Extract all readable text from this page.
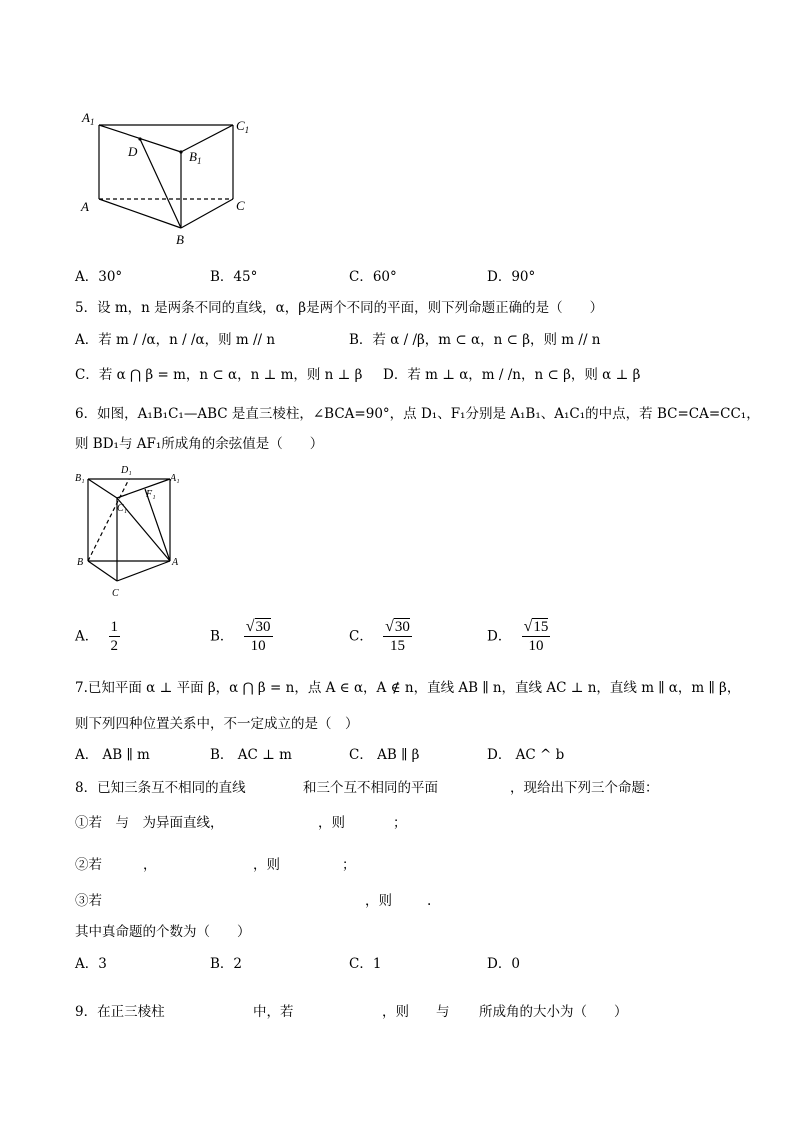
$A_1$	$C_1$
D	$B_1$
A	C
B
A．30°	B．45°	C．60°	D．90°
5．设 m，n 是两条不同的直线，α，β是两个不同的平面，则下列命题正确的是（　　）
A．若 m / /α，n / /α，则 m // n	B．若 α / /β，m ⊂ α，n ⊂ β，则 m // n
C．若 α ⋂ β = m，n ⊂ α，n ⊥ m，则 n ⊥ β D．若 m ⊥ α，m / /n，n ⊂ β，则 α ⊥ β
6．如图，A₁B₁C₁—ABC 是直三棱柱，∠BCA=90°，点 D₁、F₁分别是 A₁B₁、A₁C₁的中点，若 BC=CA=CC₁，
则 BD₁与 AF₁所成角的余弦值是（　　）
B₁
D₁
A₁
F₁
C₁
B	A
C
A． $\frac{1}{2}$	B． $\frac{√30}{10}$	C． $\frac{√30}{15}$	D． $\frac{√15}{10}$
7.已知平面 α ⊥ 平面 β，α ⋂ β = n，点 A ∈ α，A ∉ n，直线 AB ∥ n，直线 AC ⊥ n，直线 m ∥ α，m ∥ β，
则下列四种位置关系中，不一定成立的是（　）
A． AB ∥ m	B． AC ⊥ m	C． AB ∥ β	D． AC ^ b
8．已知三条互不相同的直线	和三个互不相同的平面	，现给出下列三个命题：
①若　与　为异面直线，	，则	；
②若	，	，则	；
③若	，则	.
其中真命题的个数为（　　）
A．3	B．2	C．1	D．0
9．在正三棱柱	中，若	，则 与 所成角的大小为（　　）
